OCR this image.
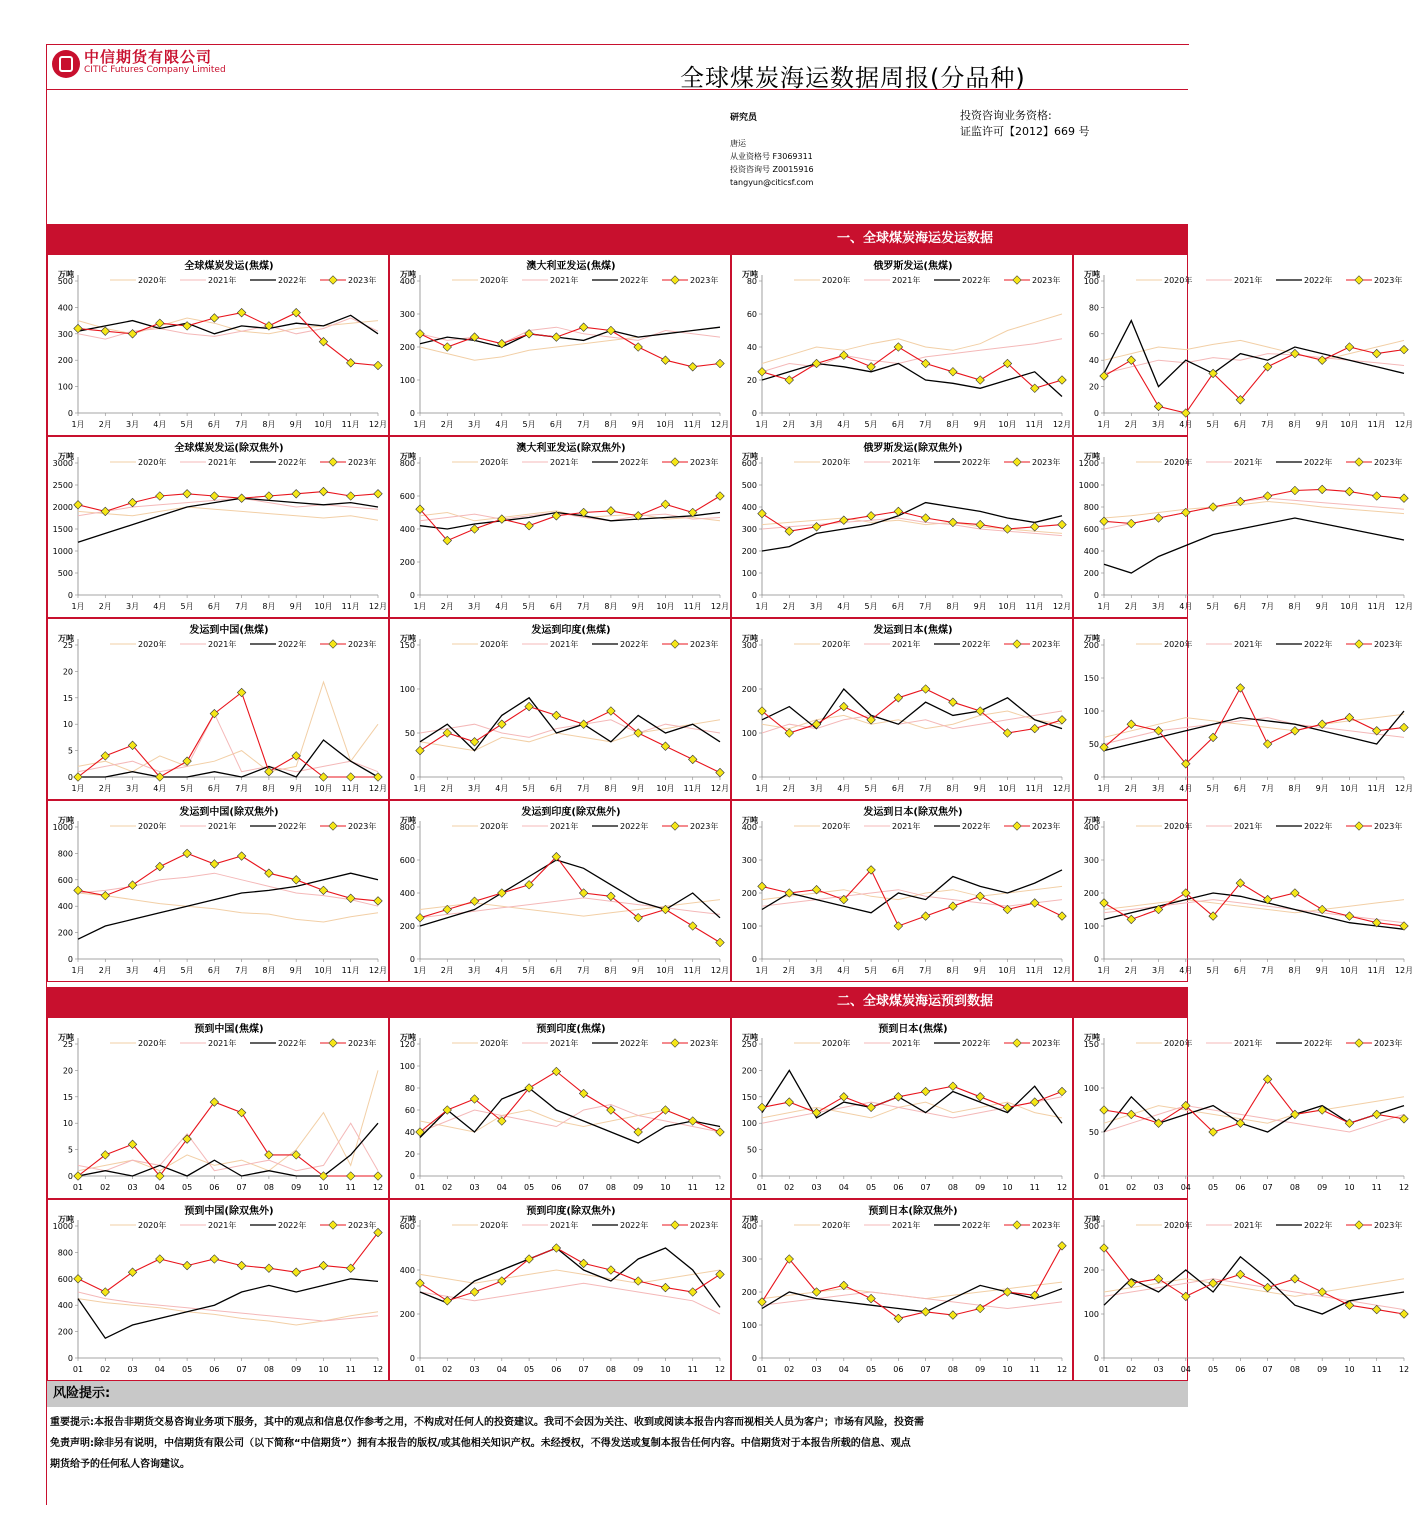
中信期货有限公司
CITIC Futures Company Limited	全球煤炭海运数据周报(分品种)
研究员
唐运
从业资格号 F3069311
投资咨询号 Z0015916
tangyun@citicsf.com
投资咨询业务资格:
证监许可【2012】669 号
一、全球煤炭海运发运数据
二、全球煤炭海运预到数据
全球煤炭发运(焦煤)
万吨
2020年	2021年	2022年	2023年
0
100
200
300
400
500
1月 2月 3月 4月 5月 6月 7月 8月 9月 10月 11月 12月
澳大利亚发运(焦煤)
万吨
2020年	2021年	2022年	2023年
0
100
200
300
400
1月 2月 3月 4月 5月 6月 7月 8月 9月 10月 11月 12月
俄罗斯发运(焦煤)
万吨
2020年	2021年	2022年	2023年
0
20
40
60
80
1月 2月 3月 4月 5月 6月 7月 8月 9月 10月 11月 12月
万吨
2020年	2021年	2022年	2023年
0
20
40
60
80
100
1月 2月 3月 4月 5月 6月 7月 8月 9月 10月 11月 12月
全球煤炭发运(除双焦外)
万吨
2020年	2021年	2022年	2023年
0
500
1000
1500
2000
2500
3000
1月 2月 3月 4月 5月 6月 7月 8月 9月 10月 11月 12月
澳大利亚发运(除双焦外)
万吨
2020年	2021年	2022年	2023年
0
200
400
600
800
1月 2月 3月 4月 5月 6月 7月 8月 9月 10月 11月 12月
俄罗斯发运(除双焦外)
万吨
2020年	2021年	2022年	2023年
0
100
200
300
400
500
600
1月 2月 3月 4月 5月 6月 7月 8月 9月 10月 11月 12月
万吨
2020年	2021年	2022年	2023年
0
200
400
600
800
1000
1200
1月 2月 3月 4月 5月 6月 7月 8月 9月 10月 11月 12月
发运到中国(焦煤)
万吨
2020年	2021年	2022年	2023年
0
5
10
15
20
25
1月 2月 3月 4月 5月 6月 7月 8月 9月 10月 11月 12月
发运到印度(焦煤)
万吨
2020年	2021年	2022年	2023年
0
50
100
150
1月 2月 3月 4月 5月 6月 7月 8月 9月 10月 11月 12月
发运到日本(焦煤)
万吨
2020年	2021年	2022年	2023年
0
100
200
300
1月 2月 3月 4月 5月 6月 7月 8月 9月 10月 11月 12月
万吨
2020年	2021年	2022年	2023年
0
50
100
150
200
1月 2月 3月 4月 5月 6月 7月 8月 9月 10月 11月 12月
发运到中国(除双焦外)
万吨
2020年	2021年	2022年	2023年
0
200
400
600
800
1000
1月 2月 3月 4月 5月 6月 7月 8月 9月 10月 11月 12月
发运到印度(除双焦外)
万吨
2020年	2021年	2022年	2023年
0
200
400
600
800
1月 2月 3月 4月 5月 6月 7月 8月 9月 10月 11月 12月
发运到日本(除双焦外)
万吨
2020年	2021年	2022年	2023年
0
100
200
300
400
1月 2月 3月 4月 5月 6月 7月 8月 9月 10月 11月 12月
万吨
2020年	2021年	2022年	2023年
0
100
200
300
400
1月 2月 3月 4月 5月 6月 7月 8月 9月 10月 11月 12月
预到中国(焦煤)
万吨
2020年	2021年	2022年	2023年
0
5
10
15
20
25
01 02 03 04 05 06 07 08 09 10 11 12
预到印度(焦煤)
万吨
2020年	2021年	2022年	2023年
0
20
40
60
80
100
120
01 02 03 04 05 06 07 08 09 10 11 12
预到日本(焦煤)
万吨
2020年	2021年	2022年	2023年
0
50
100
150
200
250
01 02 03 04 05 06 07 08 09 10 11 12
万吨
2020年	2021年	2022年	2023年
0
50
100
150
01 02 03 04 05 06 07 08 09 10 11 12
预到中国(除双焦外)
万吨
2020年	2021年	2022年	2023年
0
200
400
600
800
1000
01 02 03 04 05 06 07 08 09 10 11 12
预到印度(除双焦外)
万吨
2020年	2021年	2022年	2023年
0
200
400
600
01 02 03 04 05 06 07 08 09 10 11 12
预到日本(除双焦外)
万吨
2020年	2021年	2022年	2023年
0
100
200
300
400
01 02 03 04 05 06 07 08 09 10 11 12
万吨
2020年	2021年	2022年	2023年
0
100
200
300
01 02 03 04 05 06 07 08 09 10 11 12
风险提示:
重要提示:本报告非期货交易咨询业务项下服务，其中的观点和信息仅作参考之用，不构成对任何人的投资建议。我司不会因为关注、收到或阅读本报告内容而视相关人员为客户；市场有风险，投资需
免责声明:除非另有说明，中信期货有限公司（以下简称“中信期货”）拥有本报告的版权/或其他相关知识产权。未经授权，不得发送或复制本报告任何内容。中信期货对于本报告所载的信息、观点
期货给予的任何私人咨询建议。
